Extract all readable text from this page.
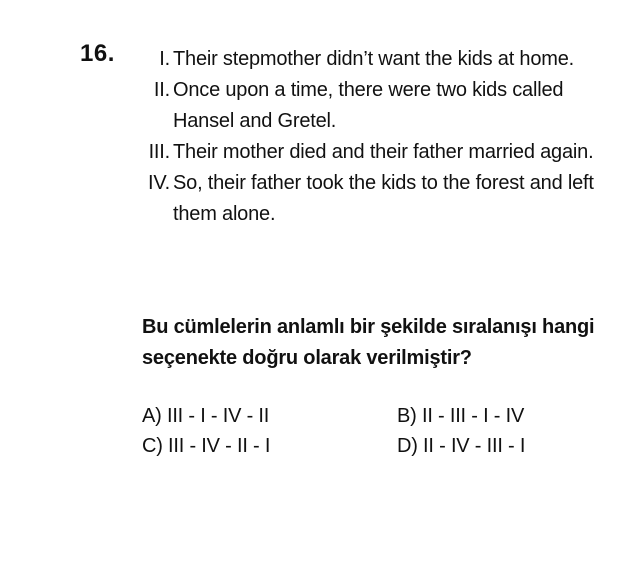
16.	I. Their stepmother didn’t want the kids at home.
II. Once upon a time, there were two kids called Hansel and Gretel.
III. Their mother died and their father married again.
IV. So, their father took the kids to the forest and left them alone.
Bu cümlelerin anlamlı bir şekilde sıralanışı hangi seçenekte doğru olarak verilmiştir?
A) III - I - IV - II	B) II - III - I - IV
C) III - IV - II - I	D) II - IV - III - I
